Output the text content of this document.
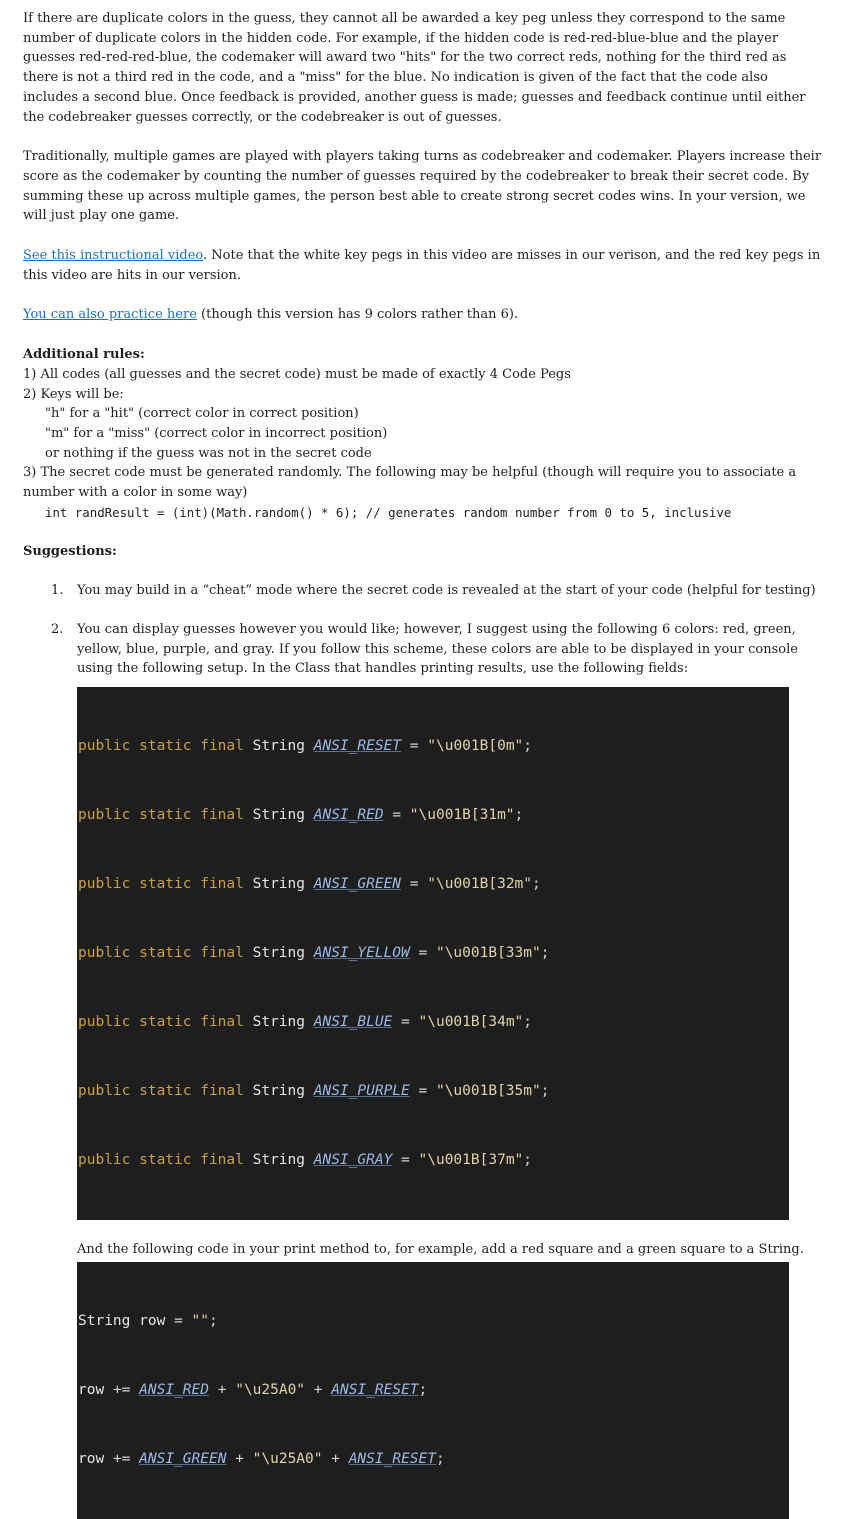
If there are duplicate colors in the guess, they cannot all be awarded a key peg unless they correspond to the same number of duplicate colors in the hidden code. For example, if the hidden code is red-red-blue-blue and the player guesses red-red-red-blue, the codemaker will award two "hits" for the two correct reds, nothing for the third red as there is not a third red in the code, and a "miss" for the blue. No indication is given of the fact that the code also includes a second blue. Once feedback is provided, another guess is made; guesses and feedback continue until either the codebreaker guesses correctly, or the codebreaker is out of guesses.

Traditionally, multiple games are played with players taking turns as codebreaker and codemaker. Players increase their score as the codemaker by counting the number of guesses required by the codebreaker to break their secret code. By summing these up across multiple games, the person best able to create strong secret codes wins. In your version, we will just play one game.

See this instructional video. Note that the white key pegs in this video are misses in our verison, and the red key pegs in this video are hits in our version.

You can also practice here (though this version has 9 colors rather than 6).

Additional rules:

1) All codes (all guesses and the secret code) must be made of exactly 4 Code Pegs

2) Keys will be:

"h" for a "hit" (correct color in correct position)

"m" for a "miss" (correct color in incorrect position)

or nothing if the guess was not in the secret code

3) The secret code must be generated randomly. The following may be helpful (though will require you to associate a number with a color in some way)

int randResult = (int)(Math.random() * 6); // generates random number from 0 to 5, inclusive

Suggestions:

1. You may build in a “cheat” mode where the secret code is revealed at the start of your code (helpful for testing)
2. You can display guesses however you would like; however, I suggest using the following 6 colors: red, green, yellow, blue, purple, and gray. If you follow this scheme, these colors are able to be displayed in your console using the following setup. In the Class that handles printing results, use the following fields:

public static final String ANSI_RESET = "\u001B[0m";

public static final String ANSI_RED = "\u001B[31m";

public static final String ANSI_GREEN = "\u001B[32m";

public static final String ANSI_YELLOW = "\u001B[33m";

public static final String ANSI_BLUE = "\u001B[34m";

public static final String ANSI_PURPLE = "\u001B[35m";

public static final String ANSI_GRAY = "\u001B[37m";

And the following code in your print method to, for example, add a red square and a green square to a String.

String row = "";

row += ANSI_RED + "\u25A0" + ANSI_RESET;

row += ANSI_GREEN + "\u25A0" + ANSI_RESET;
